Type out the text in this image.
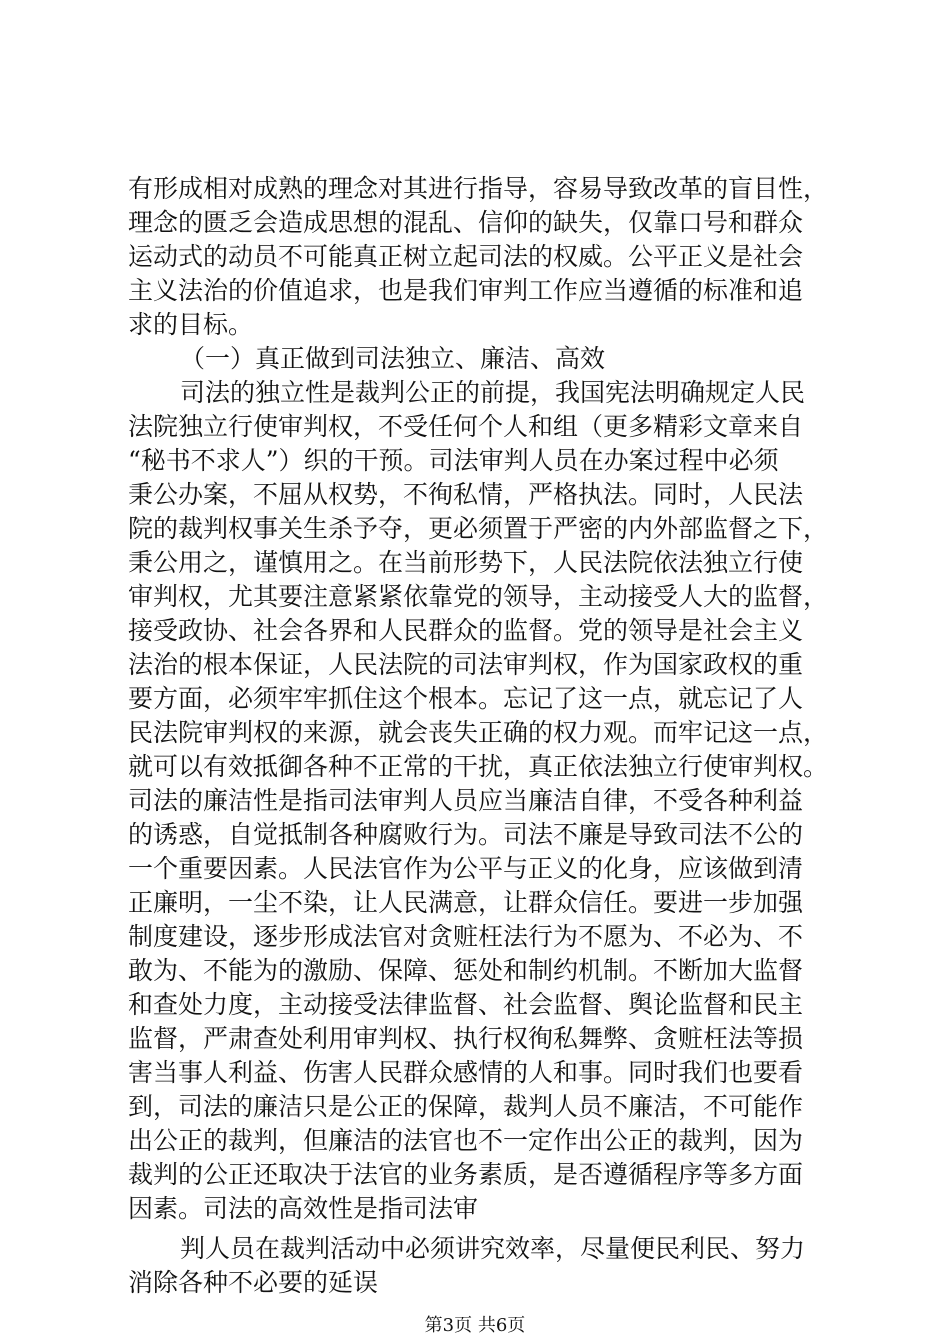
有形成相对成熟的理念对其进行指导，容易导致改革的盲目性，
理念的匮乏会造成思想的混乱、信仰的缺失，仅靠口号和群众
运动式的动员不可能真正树立起司法的权威。公平正义是社会
主义法治的价值追求，也是我们审判工作应当遵循的标准和追
求的目标。
（一）真正做到司法独立、廉洁、高效
司法的独立性是裁判公正的前提，我国宪法明确规定人民
法院独立行使审判权，不受任何个人和组（更多精彩文章来自
“秘书不求人”）织的干预。司法审判人员在办案过程中必须
秉公办案，不屈从权势，不徇私情，严格执法。同时，人民法
院的裁判权事关生杀予夺，更必须置于严密的内外部监督之下，
秉公用之，谨慎用之。在当前形势下，人民法院依法独立行使
审判权，尤其要注意紧紧依靠党的领导，主动接受人大的监督，
接受政协、社会各界和人民群众的监督。党的领导是社会主义
法治的根本保证，人民法院的司法审判权，作为国家政权的重
要方面，必须牢牢抓住这个根本。忘记了这一点，就忘记了人
民法院审判权的来源，就会丧失正确的权力观。而牢记这一点，
就可以有效抵御各种不正常的干扰，真正依法独立行使审判权。
司法的廉洁性是指司法审判人员应当廉洁自律，不受各种利益
的诱惑，自觉抵制各种腐败行为。司法不廉是导致司法不公的
一个重要因素。人民法官作为公平与正义的化身，应该做到清
正廉明，一尘不染，让人民满意，让群众信任。要进一步加强
制度建设，逐步形成法官对贪赃枉法行为不愿为、不必为、不
敢为、不能为的激励、保障、惩处和制约机制。不断加大监督
和查处力度，主动接受法律监督、社会监督、舆论监督和民主
监督，严肃查处利用审判权、执行权徇私舞弊、贪赃枉法等损
害当事人利益、伤害人民群众感情的人和事。同时我们也要看
到，司法的廉洁只是公正的保障，裁判人员不廉洁，不可能作
出公正的裁判，但廉洁的法官也不一定作出公正的裁判，因为
裁判的公正还取决于法官的业务素质，是否遵循程序等多方面
因素。司法的高效性是指司法审
判人员在裁判活动中必须讲究效率，尽量便民利民、努力
消除各种不必要的延误
第3页 共6页
